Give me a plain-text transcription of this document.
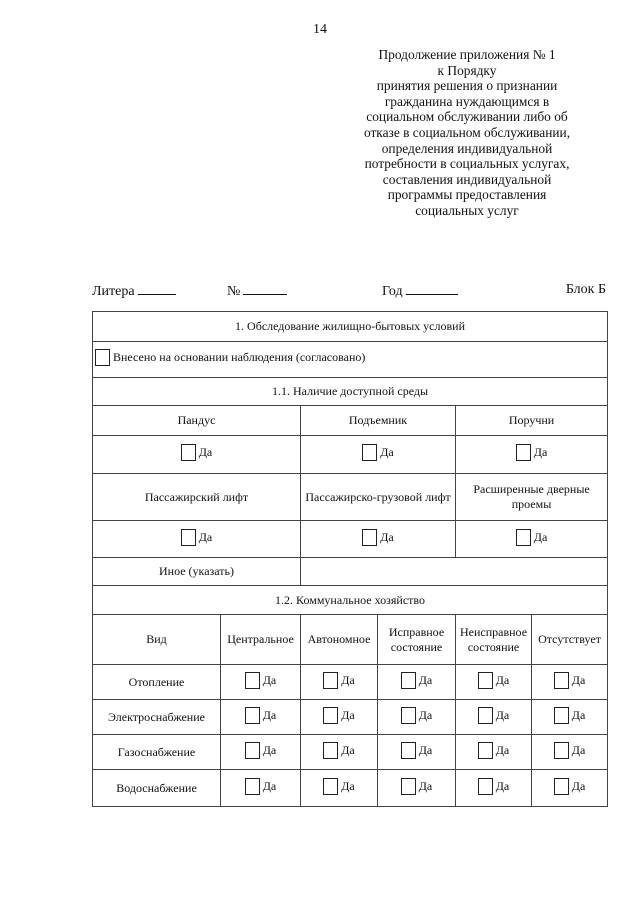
14
Продолжение приложения № 1
к Порядку
принятия решения о признании
гражданина нуждающимся в
социальном обслуживании либо об
отказе в социальном обслуживании,
определения индивидуальной
потребности в социальных услугах,
составления индивидуальной
программы предоставления
социальных услуг
Литера	№	Год	Блок Б
1. Обследование жилищно-бытовых условий					

Внесено на основании наблюдения (согласовано)					

1.1. Наличие доступной среды					
Пандус		Подъемник		Поручни	

Да		Да		Да	

Пассажирский лифт		Пассажирско-грузовой лифт		Расширенные дверные проемы	

Да		Да		Да	

Иное (указать)					
1.2. Коммунальное хозяйство					
Вид	Центральное	Автономное	Исправное состояние	Неисправное состояние	Отсутствует
Отопление	Да	Да	Да	Да	Да

Электроснабжение	Да	Да	Да	Да	Да

Газоснабжение	Да	Да	Да	Да	Да

Водоснабжение	Да	Да	Да	Да	Да
